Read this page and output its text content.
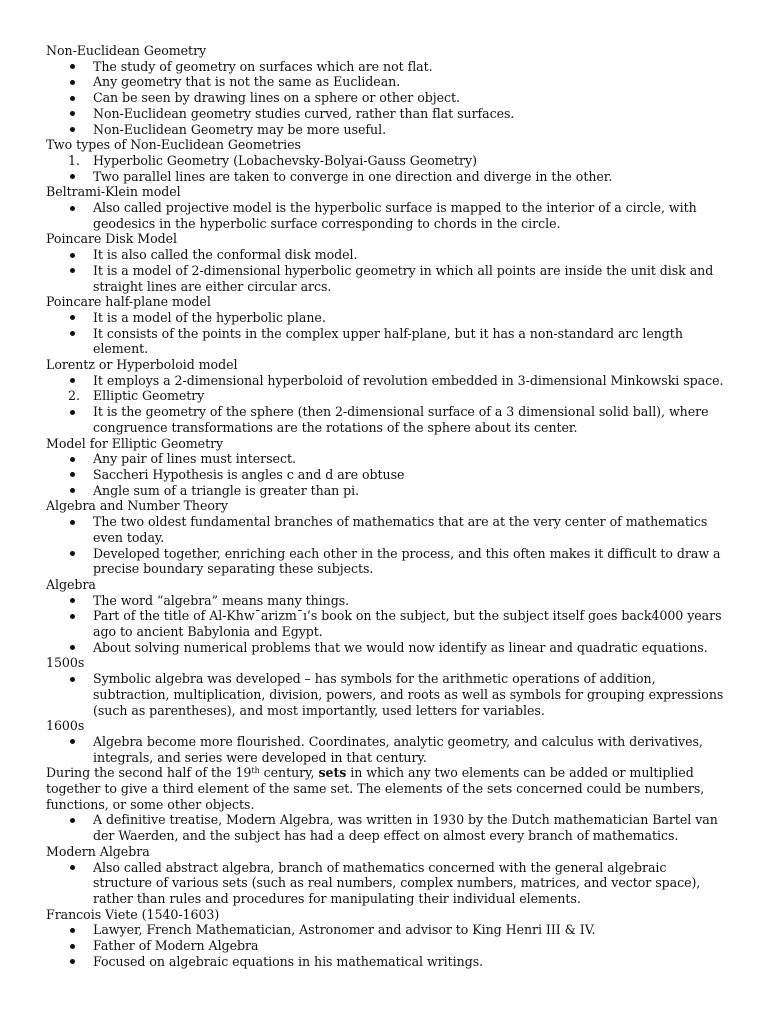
Non-Euclidean Geometry
The study of geometry on surfaces which are not flat.
Any geometry that is not the same as Euclidean.
Can be seen by drawing lines on a sphere or other object.
Non-Euclidean geometry studies curved, rather than flat surfaces.
Non-Euclidean Geometry may be more useful.
Two types of Non-Euclidean Geometries
1. Hyperbolic Geometry (Lobachevsky-Bolyai-Gauss Geometry)
Two parallel lines are taken to converge in one direction and diverge in the other.
Beltrami-Klein model
Also called projective model is the hyperbolic surface is mapped to the interior of a circle, with geodesics in the hyperbolic surface corresponding to chords in the circle.
Poincare Disk Model
It is also called the conformal disk model.
It is a model of 2-dimensional hyperbolic geometry in which all points are inside the unit disk and straight lines are either circular arcs.
Poincare half-plane model
It is a model of the hyperbolic plane.
It consists of the points in the complex upper half-plane, but it has a non-standard arc length element.
Lorentz or Hyperboloid model
It employs a 2-dimensional hyperboloid of revolution embedded in 3-dimensional Minkowski space.
2. Elliptic Geometry
It is the geometry of the sphere (then 2-dimensional surface of a 3 dimensional solid ball), where congruence transformations are the rotations of the sphere about its center.
Model for Elliptic Geometry
Any pair of lines must intersect.
Saccheri Hypothesis is angles c and d are obtuse
Angle sum of a triangle is greater than pi.
Algebra and Number Theory
The two oldest fundamental branches of mathematics that are at the very center of mathematics even today.
Developed together, enriching each other in the process, and this often makes it difficult to draw a precise boundary separating these subjects.
Algebra
The word “algebra” means many things.
Part of the title of Al-Khw¯arizm¯ı’s book on the subject, but the subject itself goes back4000 years ago to ancient Babylonia and Egypt.
About solving numerical problems that we would now identify as linear and quadratic equations.
1500s
Symbolic algebra was developed – has symbols for the arithmetic operations of addition, subtraction, multiplication, division, powers, and roots as well as symbols for grouping expressions (such as parentheses), and most importantly, used letters for variables.
1600s
Algebra become more flourished. Coordinates, analytic geometry, and calculus with derivatives, integrals, and series were developed in that century.
During the second half of the 19th century, sets in which any two elements can be added or multiplied together to give a third element of the same set. The elements of the sets concerned could be numbers, functions, or some other objects.
A definitive treatise, Modern Algebra, was written in 1930 by the Dutch mathematician Bartel van der Waerden, and the subject has had a deep effect on almost every branch of mathematics.
Modern Algebra
Also called abstract algebra, branch of mathematics concerned with the general algebraic structure of various sets (such as real numbers, complex numbers, matrices, and vector space), rather than rules and procedures for manipulating their individual elements.
Francois Viete (1540-1603)
Lawyer, French Mathematician, Astronomer and advisor to King Henri III & IV.
Father of Modern Algebra
Focused on algebraic equations in his mathematical writings.
